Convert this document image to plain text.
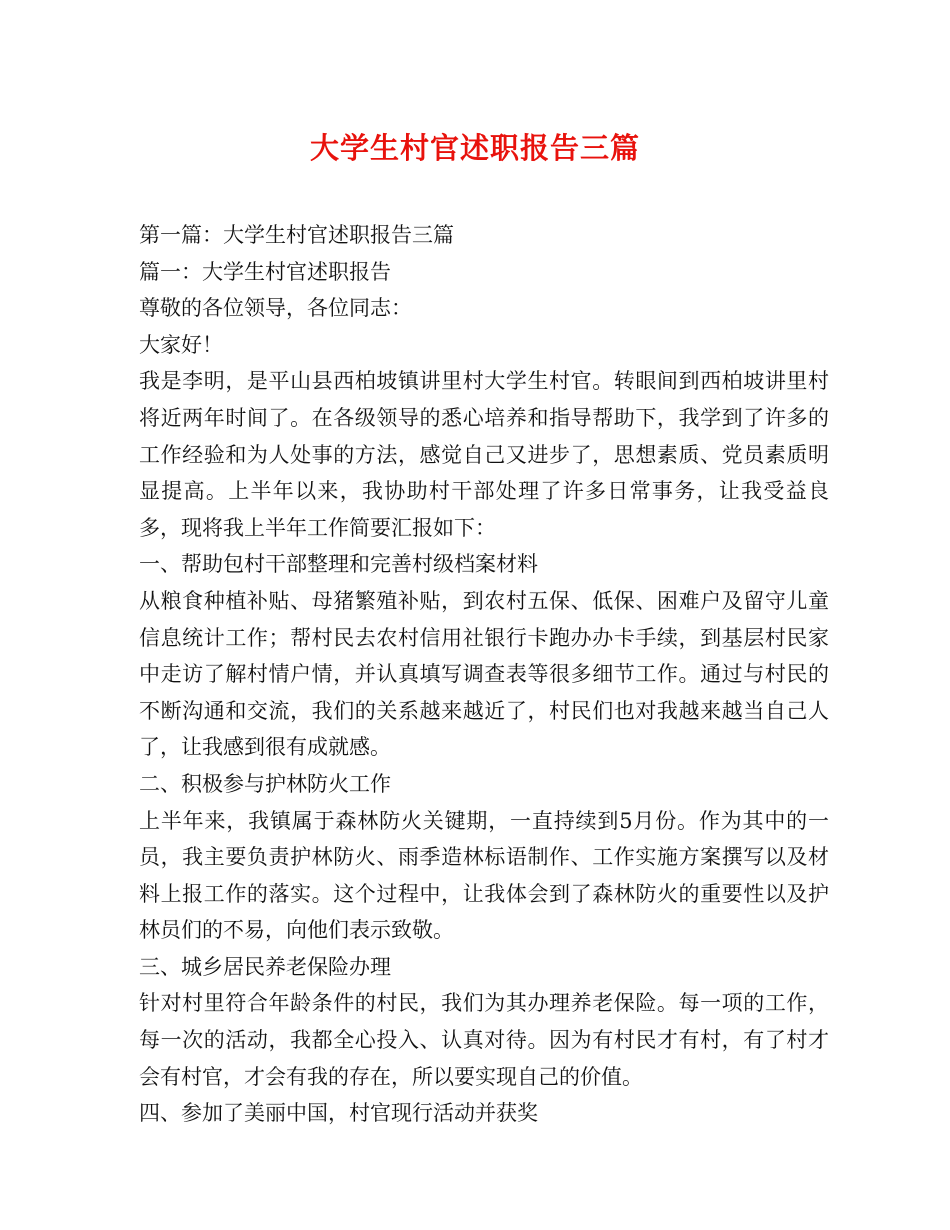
大学生村官述职报告三篇

第一篇：大学生村官述职报告三篇

篇一：大学生村官述职报告

尊敬的各位领导，各位同志：

大家好！

我是李明，是平山县西柏坡镇讲里村大学生村官。转眼间到西柏坡讲里村将近两年时间了。在各级领导的悉心培养和指导帮助下，我学到了许多的工作经验和为人处事的方法，感觉自己又进步了，思想素质、党员素质明显提高。上半年以来，我协助村干部处理了许多日常事务，让我受益良多，现将我上半年工作简要汇报如下：

一、帮助包村干部整理和完善村级档案材料

从粮食种植补贴、母猪繁殖补贴，到农村五保、低保、困难户及留守儿童信息统计工作；帮村民去农村信用社银行卡跑办办卡手续，到基层村民家中走访了解村情户情，并认真填写调查表等很多细节工作。通过与村民的不断沟通和交流，我们的关系越来越近了，村民们也对我越来越当自己人了，让我感到很有成就感。

二、积极参与护林防火工作

上半年来，我镇属于森林防火关键期，一直持续到5月份。作为其中的一员，我主要负责护林防火、雨季造林标语制作、工作实施方案撰写以及材料上报工作的落实。这个过程中，让我体会到了森林防火的重要性以及护林员们的不易，向他们表示致敬。

三、城乡居民养老保险办理

针对村里符合年龄条件的村民，我们为其办理养老保险。每一项的工作，每一次的活动，我都全心投入、认真对待。因为有村民才有村，有了村才会有村官，才会有我的存在，所以要实现自己的价值。

四、参加了美丽中国，村官现行活动并获奖
